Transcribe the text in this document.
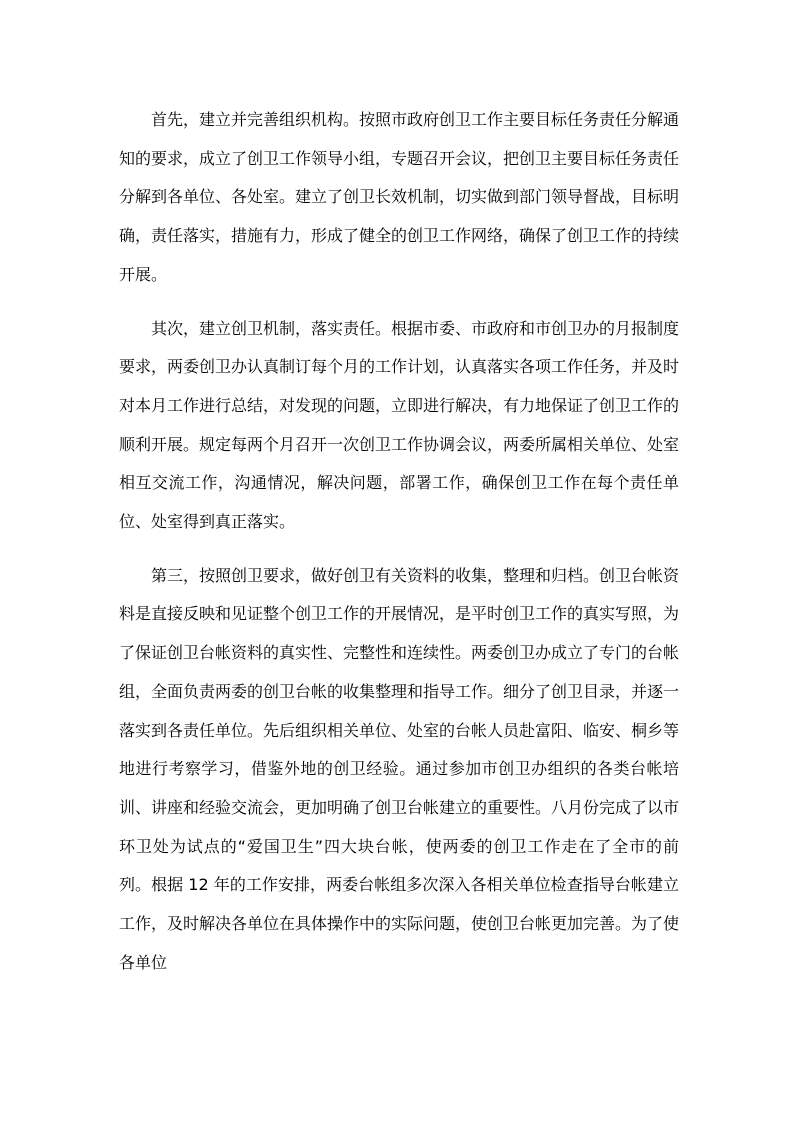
首先，建立并完善组织机构。按照市政府创卫工作主要目标任务责任分解通知的要求，成立了创卫工作领导小组，专题召开会议，把创卫主要目标任务责任分解到各单位、各处室。建立了创卫长效机制，切实做到部门领导督战，目标明确，责任落实，措施有力，形成了健全的创卫工作网络，确保了创卫工作的持续开展。

其次，建立创卫机制，落实责任。根据市委、市政府和市创卫办的月报制度要求，两委创卫办认真制订每个月的工作计划，认真落实各项工作任务，并及时对本月工作进行总结，对发现的问题，立即进行解决，有力地保证了创卫工作的顺利开展。规定每两个月召开一次创卫工作协调会议，两委所属相关单位、处室相互交流工作，沟通情况，解决问题，部署工作，确保创卫工作在每个责任单位、处室得到真正落实。

第三，按照创卫要求，做好创卫有关资料的收集，整理和归档。创卫台帐资料是直接反映和见证整个创卫工作的开展情况，是平时创卫工作的真实写照，为了保证创卫台帐资料的真实性、完整性和连续性。两委创卫办成立了专门的台帐组，全面负责两委的创卫台帐的收集整理和指导工作。细分了创卫目录，并逐一落实到各责任单位。先后组织相关单位、处室的台帐人员赴富阳、临安、桐乡等地进行考察学习，借鉴外地的创卫经验。通过参加市创卫办组织的各类台帐培训、讲座和经验交流会，更加明确了创卫台帐建立的重要性。八月份完成了以市环卫处为试点的“爱国卫生”四大块台帐，使两委的创卫工作走在了全市的前列。根据 12 年的工作安排，两委台帐组多次深入各相关单位检查指导台帐建立工作，及时解决各单位在具体操作中的实际问题，使创卫台帐更加完善。为了使各单位
